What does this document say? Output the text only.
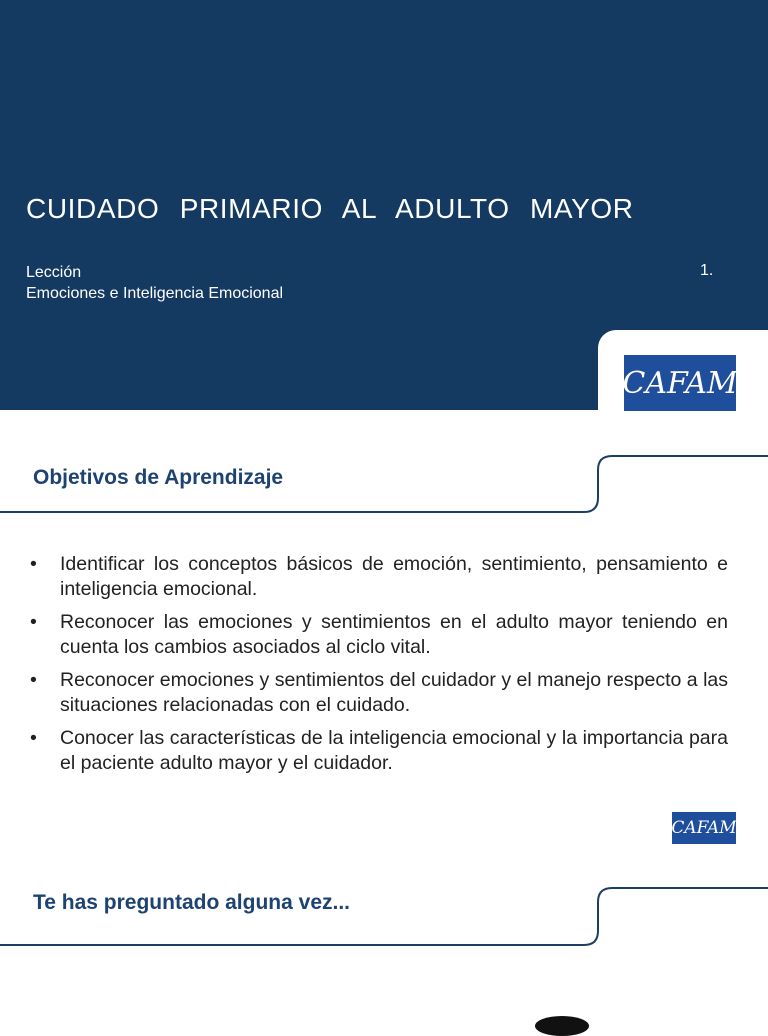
CUIDADO PRIMARIO AL ADULTO MAYOR
Lección
Emociones e Inteligencia Emocional
1.
CAFAM
Objetivos de Aprendizaje
• Identificar los conceptos básicos de emoción, sentimiento, pensamiento e inteligencia emocional.
• Reconocer las emociones y sentimientos en el adulto mayor teniendo en cuenta los cambios asociados al ciclo vital.
• Reconocer emociones y sentimientos del cuidador y el manejo respecto a las situaciones relacionadas con el cuidado.
• Conocer las características de la inteligencia emocional y la importancia para el paciente adulto mayor y el cuidador.
CAFAM
Te has preguntado alguna vez...
